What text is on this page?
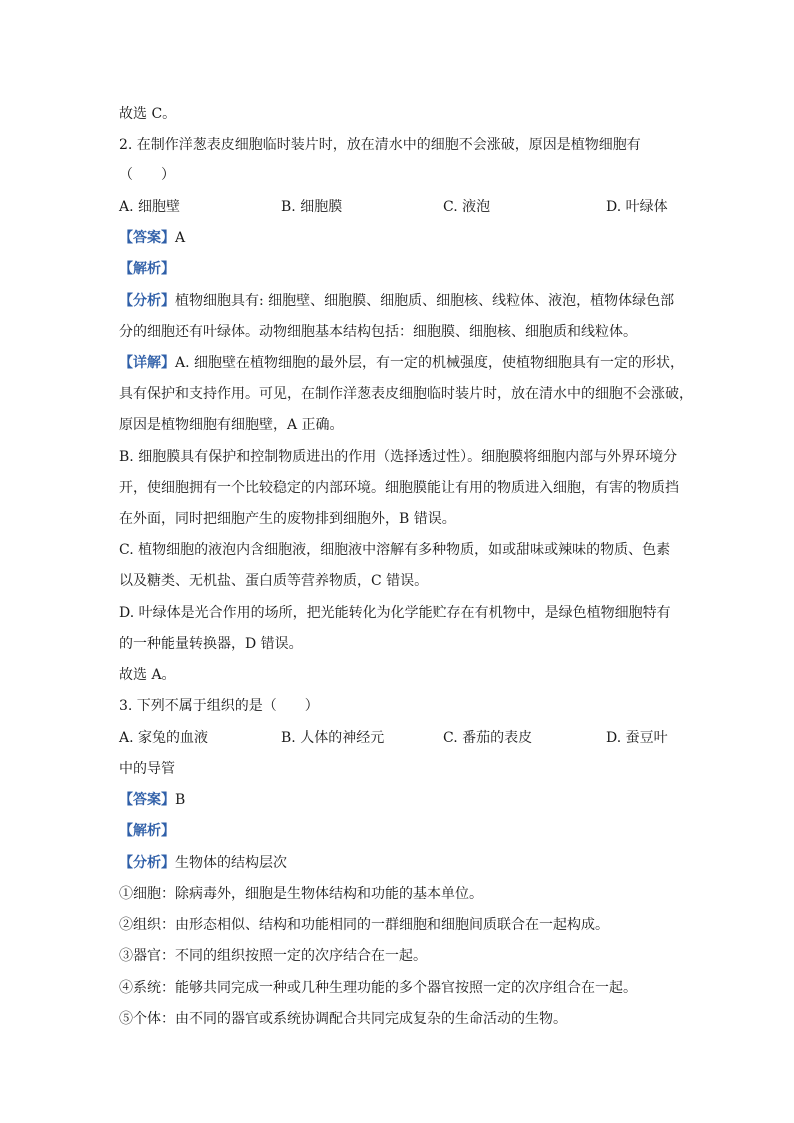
故选 C。
2. 在制作洋葱表皮细胞临时装片时，放在清水中的细胞不会涨破，原因是植物细胞有
（　　）
A. 细胞壁	B. 细胞膜	C. 液泡	D. 叶绿体
【答案】A
【解析】
【分析】植物细胞具有: 细胞壁、细胞膜、细胞质、细胞核、线粒体、液泡，植物体绿色部
分的细胞还有叶绿体。动物细胞基本结构包括：细胞膜、细胞核、细胞质和线粒体。
【详解】A. 细胞壁在植物细胞的最外层，有一定的机械强度，使植物细胞具有一定的形状，
具有保护和支持作用。可见，在制作洋葱表皮细胞临时装片时，放在清水中的细胞不会涨破，
原因是植物细胞有细胞壁，A 正确。
B. 细胞膜具有保护和控制物质进出的作用（选择透过性）。细胞膜将细胞内部与外界环境分
开，使细胞拥有一个比较稳定的内部环境。细胞膜能让有用的物质进入细胞，有害的物质挡
在外面，同时把细胞产生的废物排到细胞外，B 错误。
C. 植物细胞的液泡内含细胞液，细胞液中溶解有多种物质，如或甜味或辣味的物质、色素
以及糖类、无机盐、蛋白质等营养物质，C 错误。
D. 叶绿体是光合作用的场所，把光能转化为化学能贮存在有机物中，是绿色植物细胞特有
的一种能量转换器，D 错误。
故选 A。
3. 下列不属于组织的是（　　）
A. 家兔的血液	B. 人体的神经元	C. 番茄的表皮	D. 蚕豆叶
中的导管
【答案】B
【解析】
【分析】生物体的结构层次
①细胞：除病毒外，细胞是生物体结构和功能的基本单位。
②组织：由形态相似、结构和功能相同的一群细胞和细胞间质联合在一起构成。
③器官：不同的组织按照一定的次序结合在一起。
④系统：能够共同完成一种或几种生理功能的多个器官按照一定的次序组合在一起。
⑤个体：由不同的器官或系统协调配合共同完成复杂的生命活动的生物。
